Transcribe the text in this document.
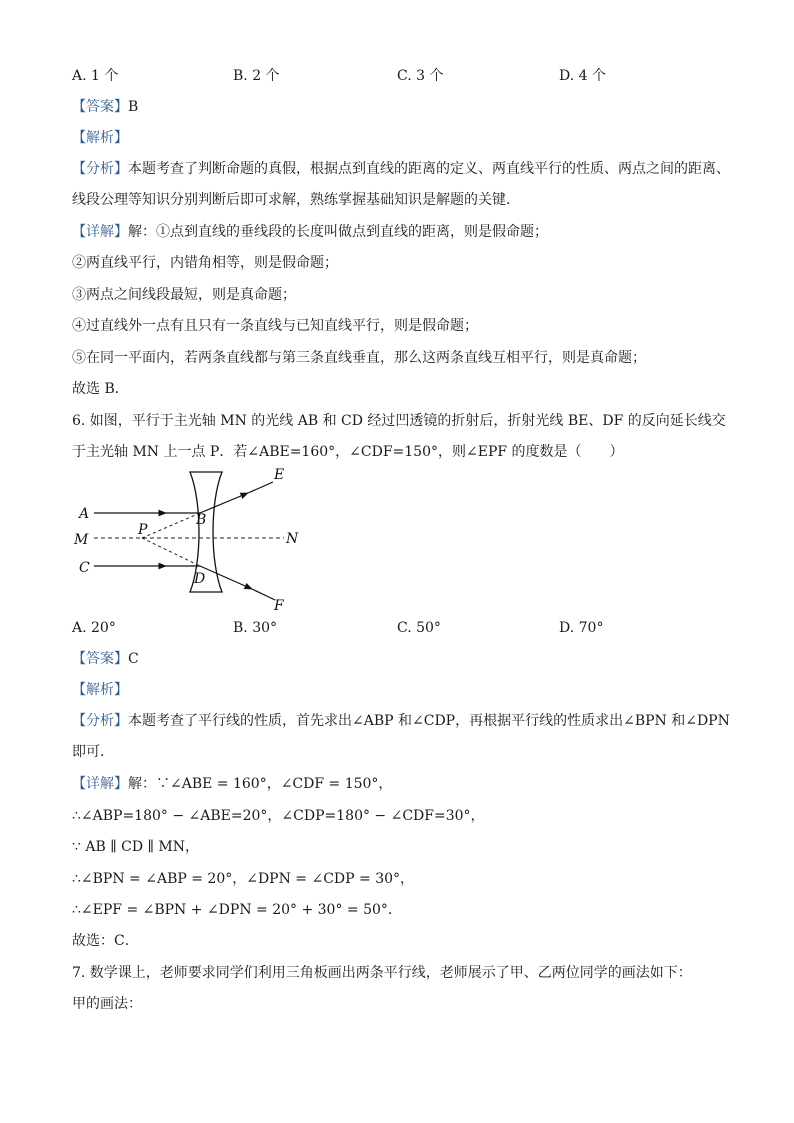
A. 1 个	B. 2 个	C. 3 个	D. 4 个
【答案】B
【解析】
【分析】本题考查了判断命题的真假，根据点到直线的距离的定义、两直线平行的性质、两点之间的距离、
线段公理等知识分别判断后即可求解，熟练掌握基础知识是解题的关键．
【详解】解：①点到直线的垂线段的长度叫做点到直线的距离，则是假命题；
②两直线平行，内错角相等，则是假命题；
③两点之间线段最短，则是真命题；
④过直线外一点有且只有一条直线与已知直线平行，则是假命题；
⑤在同一平面内，若两条直线都与第三条直线垂直，那么这两条直线互相平行，则是真命题；
故选 B．
6. 如图，平行于主光轴 MN 的光线 AB 和 CD 经过凹透镜的折射后，折射光线 BE、DF 的反向延长线交
于主光轴 MN 上一点 P．若∠ABE=160°，∠CDF=150°，则∠EPF 的度数是（　　）
A
M
C
P
B
D
E
F
N
A. 20°	B. 30°	C. 50°	D. 70°
【答案】C
【解析】
【分析】本题考查了平行线的性质，首先求出∠ABP 和∠CDP，再根据平行线的性质求出∠BPN 和∠DPN
即可．
【详解】解：∵∠ABE = 160°，∠CDF = 150°，
∴∠ABP=180° − ∠ABE=20°，∠CDP=180° − ∠CDF=30°，
∵ AB ∥ CD ∥ MN，
∴∠BPN = ∠ABP = 20°，∠DPN = ∠CDP = 30°，
∴∠EPF = ∠BPN + ∠DPN = 20° + 30° = 50°．
故选：C．
7. 数学课上，老师要求同学们利用三角板画出两条平行线，老师展示了甲、乙两位同学的画法如下：
甲的画法：
